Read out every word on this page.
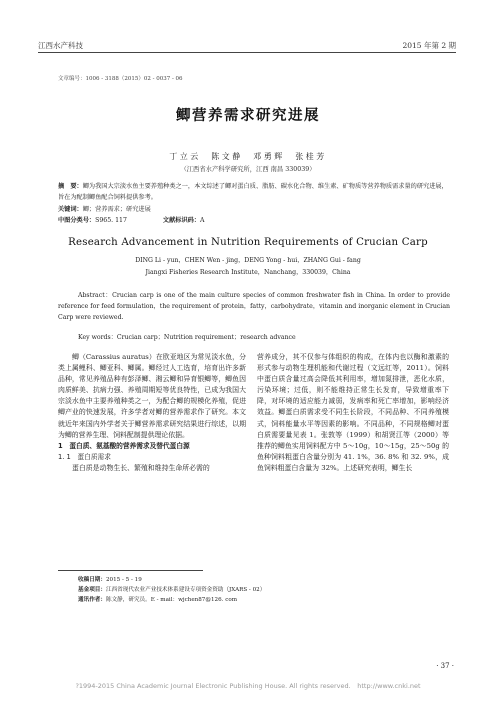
江西水产科技	2015 年第 2 期
文章编号：1006 - 3188（2015）02 - 0037 - 06
鲫营养需求研究进展
丁立云　陈文静　邓勇辉　张桂芳
（江西省水产科学研究所，江西 南昌 330039）
摘　要：鲫为我国大宗淡水鱼主要养殖种类之一，本文综述了鲫对蛋白质、脂肪、碳水化合物、维生素、矿物质等营养物质需求量的研究进展，旨在为配制鲫鱼配合饲料提供参考。
关键词：鲫；营养需求；研究进展
中图分类号：S965. 117	文献标识码：A
Research Advancement in Nutrition Requirements of Crucian Carp
DING Li - yun，CHEN Wen - jing，DENG Yong - hui，ZHANG Gui - fang
Jiangxi Fisheries Research Institute，Nanchang，330039，China
Abstract：Crucian carp is one of the main culture species of common freshwater fish in China. In order to provide reference for feed formulation，the requirement of protein，fatty，carbohydrate，vitamin and inorganic element in Crucian Carp were reviewed.
Key words：Crucian carp；Nutrition requirement；research advance
鲫（Carassius auratus）在欧亚地区为常见淡水鱼，分类上属鲤科、鲫亚科、鲫属。鲫经过人工选育，培育出许多新品种，常见养殖品种有彭泽鲫、湘云鲫和异育银鲫等，鲫鱼因肉质鲜美、抗病力强、养殖周期短等优良特性，已成为我国大宗淡水鱼中主要养殖种类之一，为配合鲫的规模化养殖，促进鲫产业的快速发展，许多学者对鲫的营养需求作了研究。本文就近年来国内外学者关于鲫营养需求研究结果进行综述，以期为鲫的营养生理、饲料配制提供理论依据。
1　蛋白质、氨基酸的营养需求及替代蛋白源
1. 1　蛋白质需求
蛋白质是动物生长、繁殖和维持生命所必需的
营养成分，其不仅参与体组织的构成，在体内也以酶和激素的形式参与动物生理机能和代谢过程（文远红等，2011）。饲料中蛋白质含量过高会降低其利用率，增加氮排泄，恶化水质，污染环境；过低，则不能维持正常生长发育，导致增重率下降，对环境的适应能力减弱，发病率和死亡率增加，影响经济效益。鲫蛋白质需求受不同生长阶段，不同品种、不同养殖模式，饲料能量水平等因素的影响。不同品种，不同规格鲫对蛋白质需要量见表 1。张敦等（1999）和胡贤江等（2000）等推荐的鲫鱼实用饲料配方中 5～10g，10～15g，25～50g 的鱼种饲料粗蛋白含量分别为 41. 1%，36. 8% 和 32. 9%，成鱼饲料粗蛋白含量为 32%。上述研究表明，鲫生长
收稿日期：2015 - 5 - 19
基金项目：江西省现代农业产业技术体系建设专项资金资助（JXARS - 02）
通讯作者：陈文静，研究员。E - mail：wjchen87@126. com
· 37 ·
?1994-2015 China Academic Journal Electronic Publishing House. All rights reserved.　http://www.cnki.net
